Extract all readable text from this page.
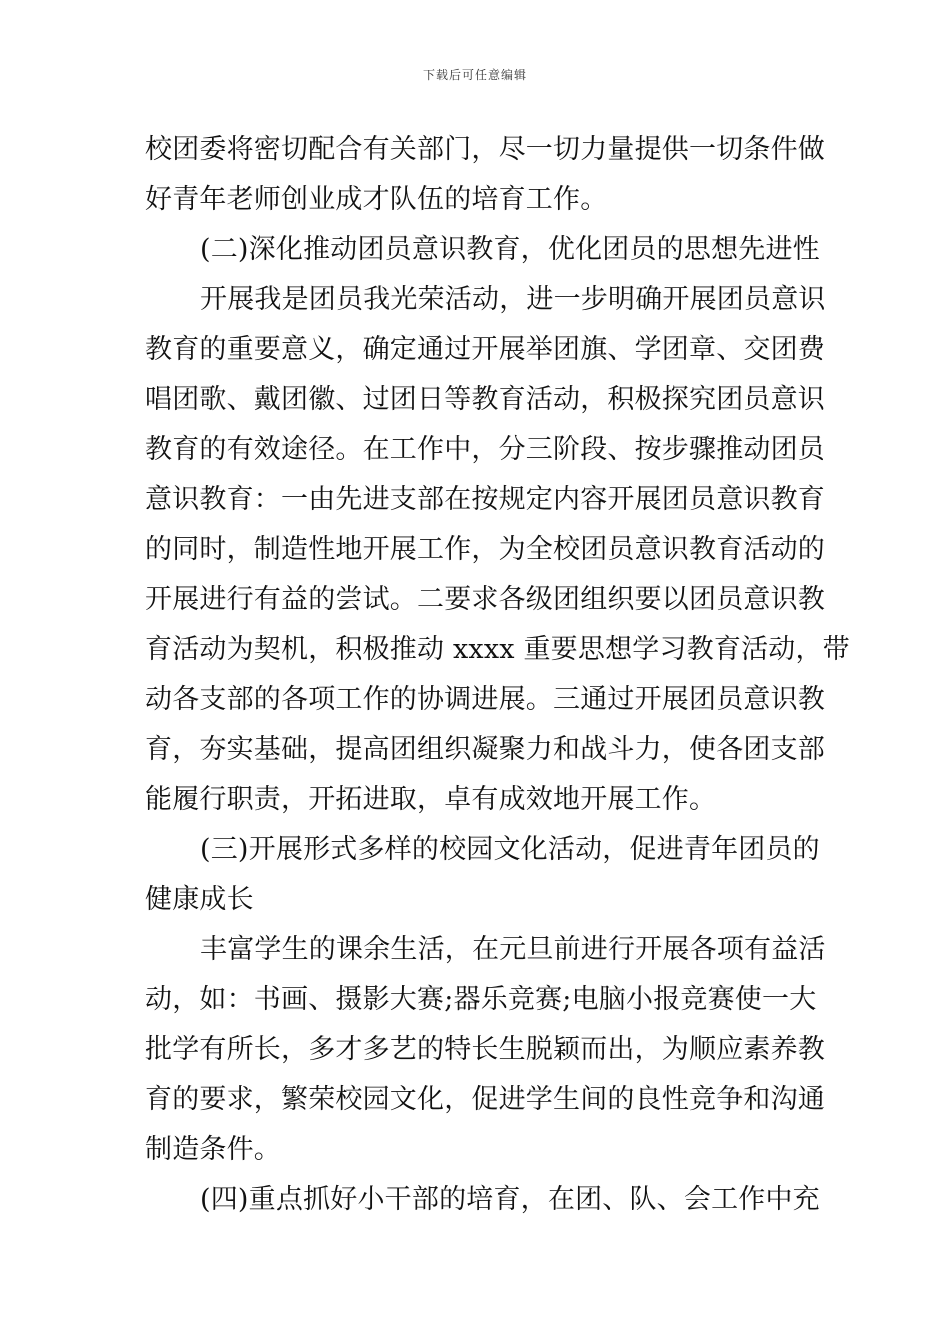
下载后可任意编辑
校团委将密切配合有关部门，尽一切力量提供一切条件做
好青年老师创业成才队伍的培育工作。
(二)深化推动团员意识教育，优化团员的思想先进性
开展我是团员我光荣活动，进一步明确开展团员意识
教育的重要意义，确定通过开展举团旗、学团章、交团费
唱团歌、戴团徽、过团日等教育活动，积极探究团员意识
教育的有效途径。在工作中，分三阶段、按步骤推动团员
意识教育：一由先进支部在按规定内容开展团员意识教育
的同时，制造性地开展工作，为全校团员意识教育活动的
开展进行有益的尝试。二要求各级团组织要以团员意识教
育活动为契机，积极推动 xxxx 重要思想学习教育活动，带
动各支部的各项工作的协调进展。三通过开展团员意识教
育，夯实基础，提高团组织凝聚力和战斗力，使各团支部
能履行职责，开拓进取，卓有成效地开展工作。
(三)开展形式多样的校园文化活动，促进青年团员的
健康成长
丰富学生的课余生活，在元旦前进行开展各项有益活
动，如：书画、摄影大赛;器乐竞赛;电脑小报竞赛使一大
批学有所长，多才多艺的特长生脱颖而出，为顺应素养教
育的要求，繁荣校园文化，促进学生间的良性竞争和沟通
制造条件。
(四)重点抓好小干部的培育，在团、队、会工作中充
